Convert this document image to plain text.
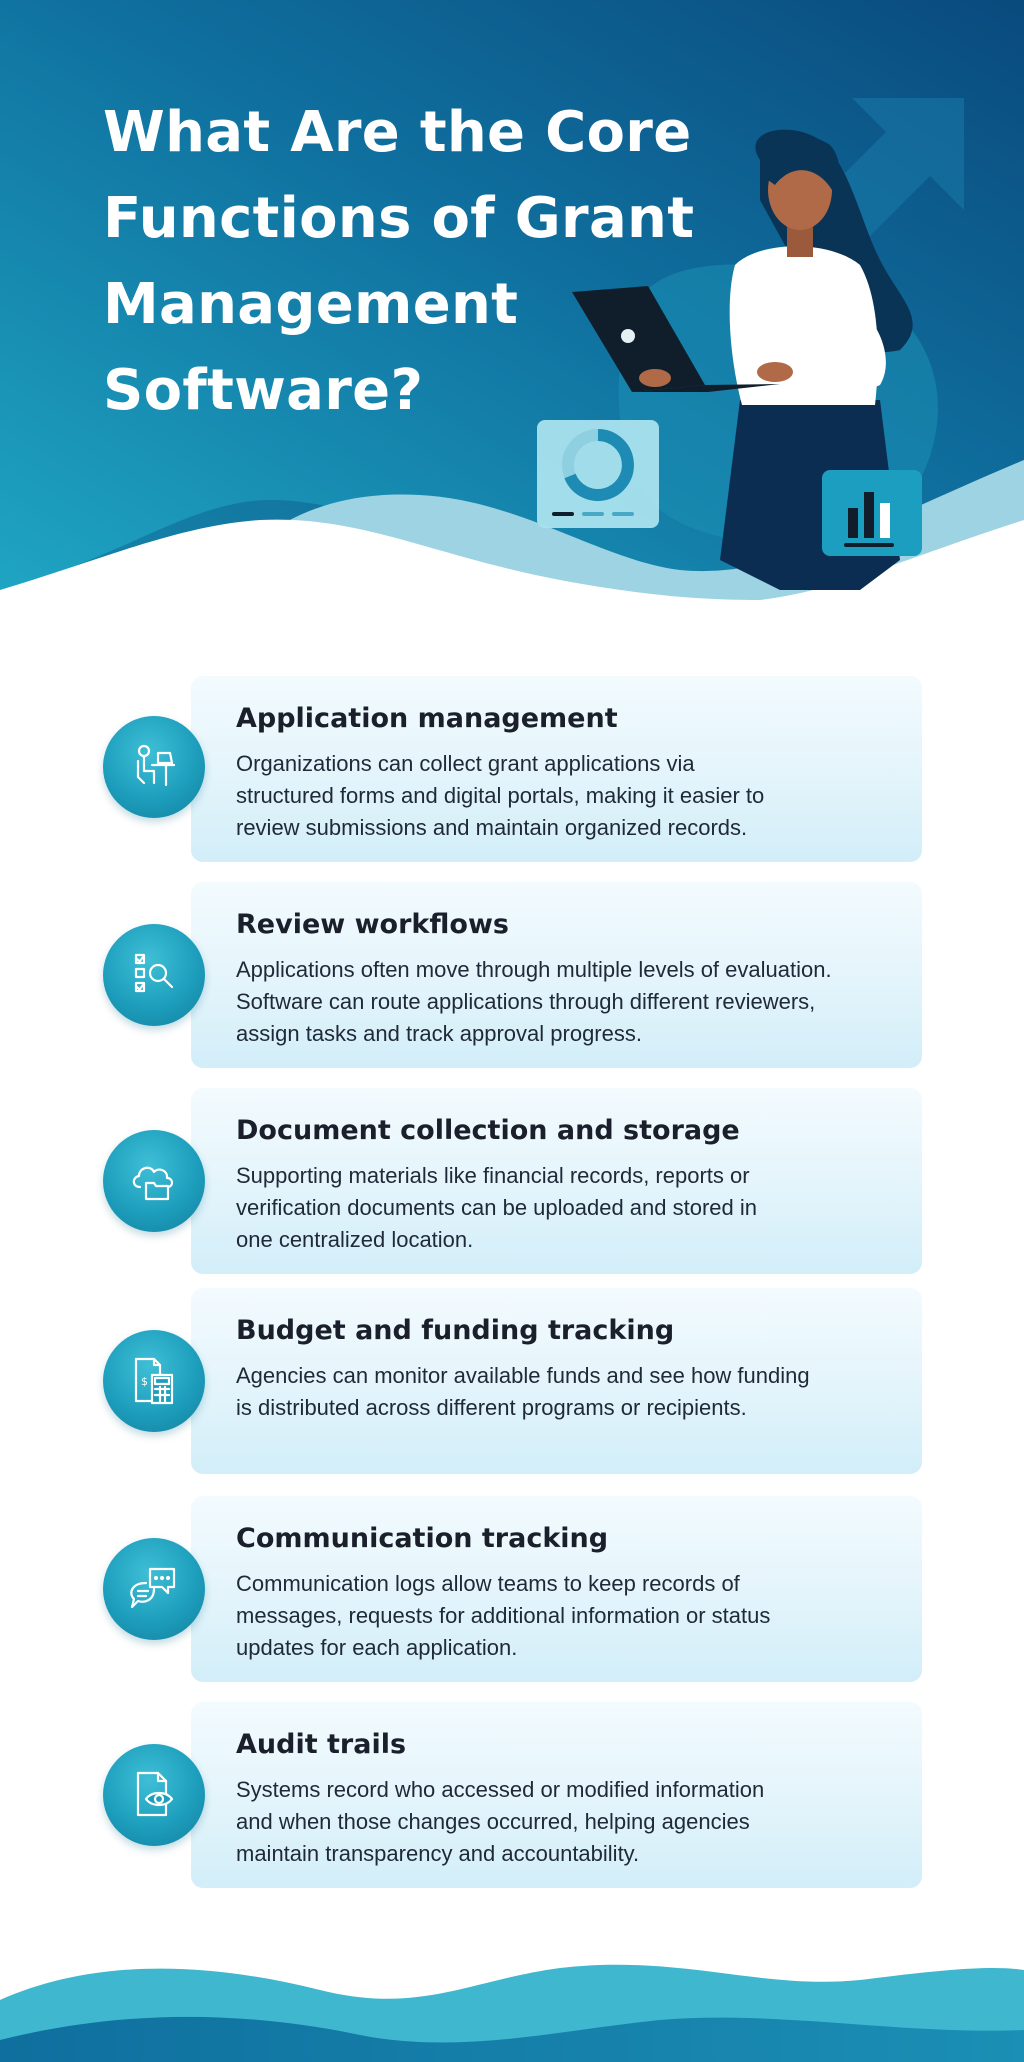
What Are the Core
Functions of Grant
Management
Software?
Application management

Organizations can collect grant applications via
structured forms and digital portals, making it easier to
review submissions and maintain organized records.

Review workflows

Applications often move through multiple levels of evaluation.
Software can route applications through different reviewers,
assign tasks and track approval progress.

Document collection and storage

Supporting materials like financial records, reports or
verification documents can be uploaded and stored in
one centralized location.

$
Budget and funding tracking

Agencies can monitor available funds and see how funding
is distributed across different programs or recipients.

Communication tracking

Communication logs allow teams to keep records of
messages, requests for additional information or status
updates for each application.

Audit trails

Systems record who accessed or modified information
and when those changes occurred, helping agencies
maintain transparency and accountability.
